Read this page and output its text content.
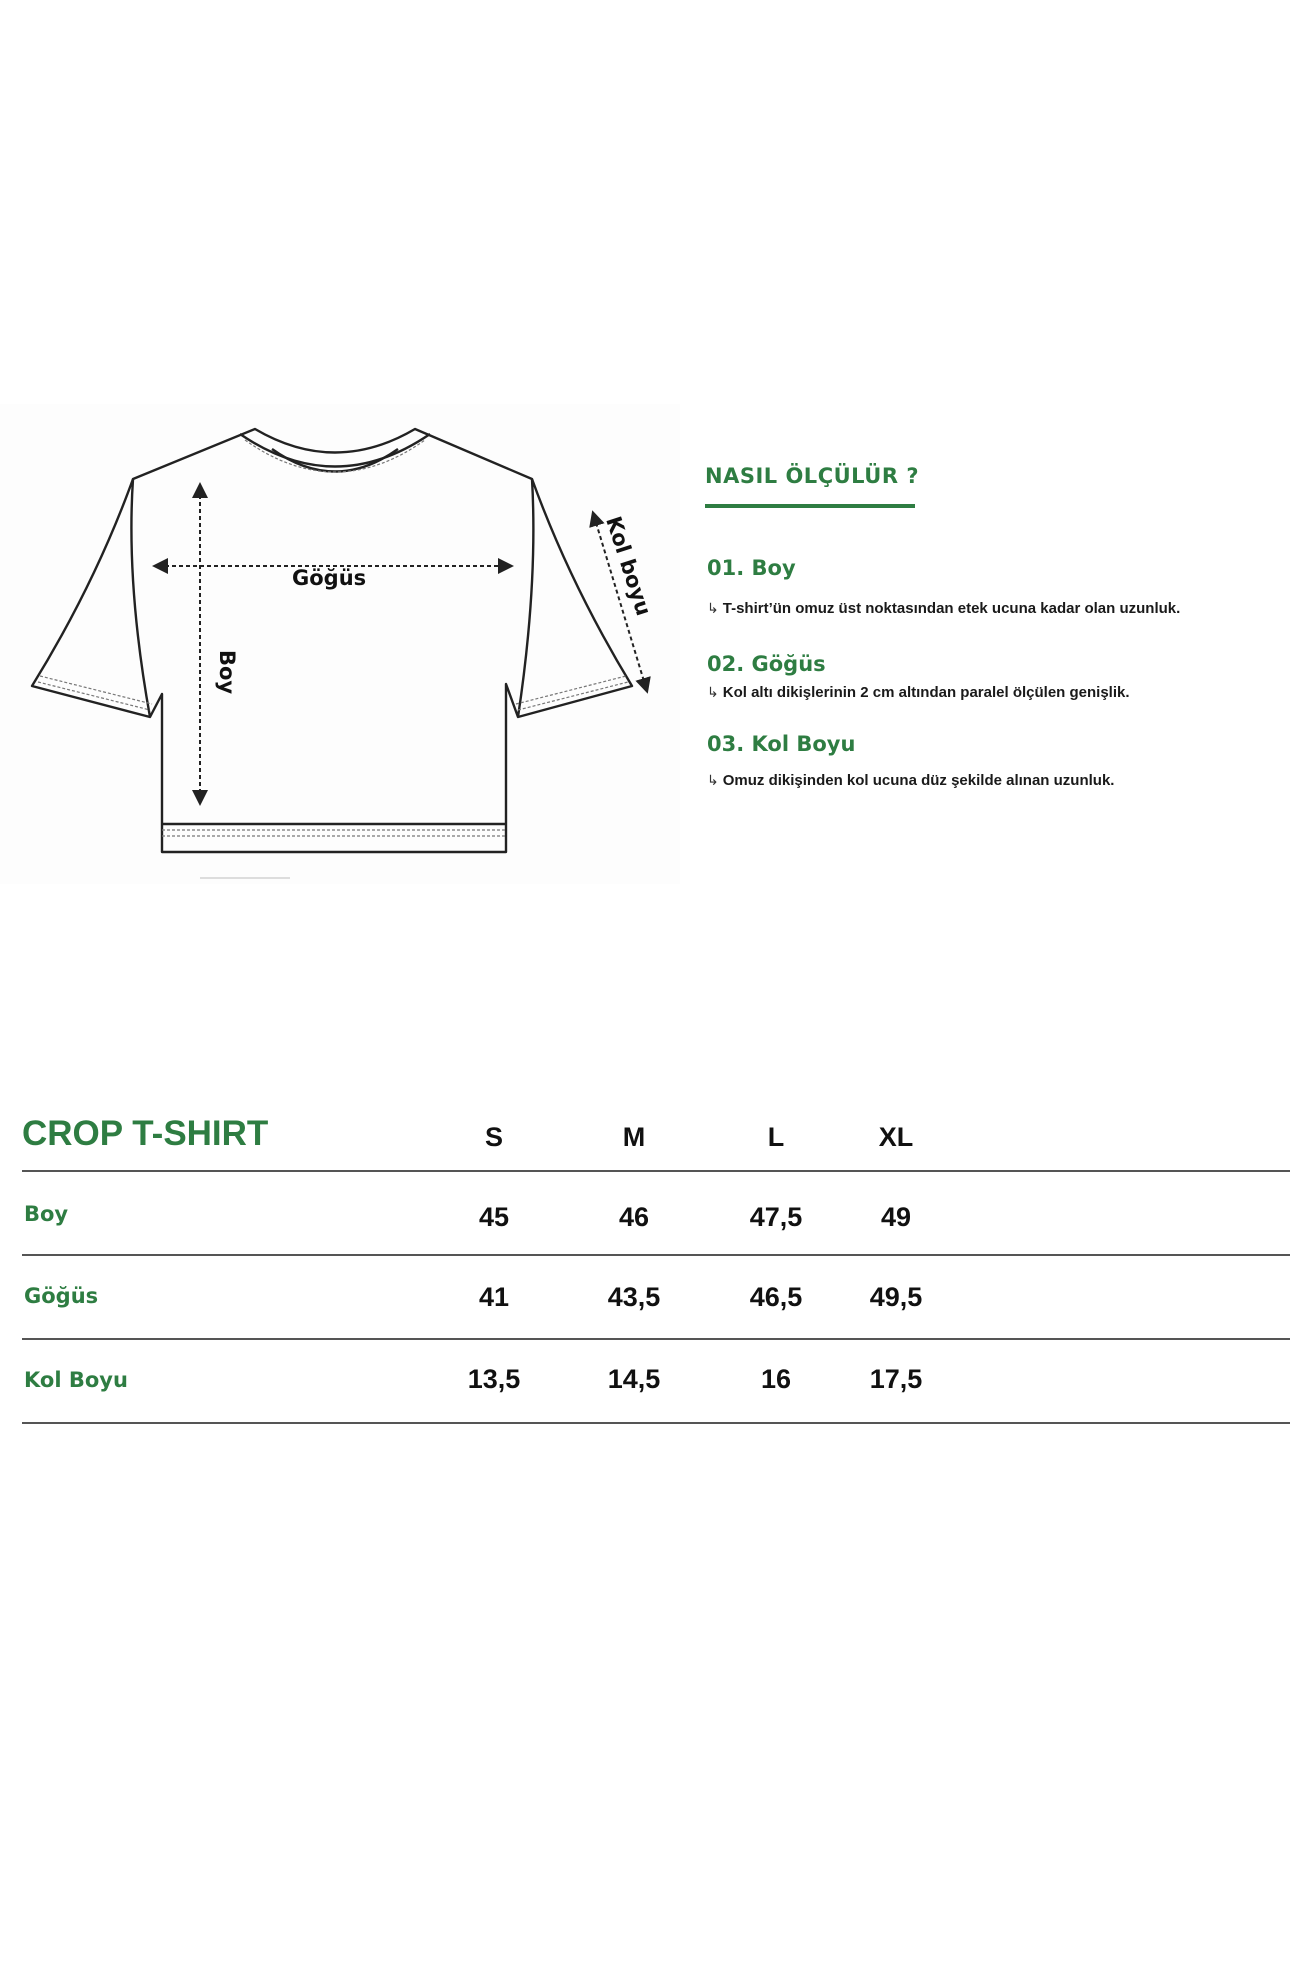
Göğüs
Boy
Kol boyu
NASIL ÖLÇÜLÜR ?
01. Boy
↳ T-shirt’ün omuz üst noktasından etek ucuna kadar olan uzunluk.
02. Göğüs
↳ Kol altı dikişlerinin 2 cm altından paralel ölçülen genişlik.
03. Kol Boyu
↳ Omuz dikişinden kol ucuna düz şekilde alınan uzunluk.
CROP T-SHIRT	S	M	L	XL
Boy	45	46	47,5	49
Göğüs	41	43,5	46,5	49,5
Kol Boyu	13,5	14,5	16	17,5
